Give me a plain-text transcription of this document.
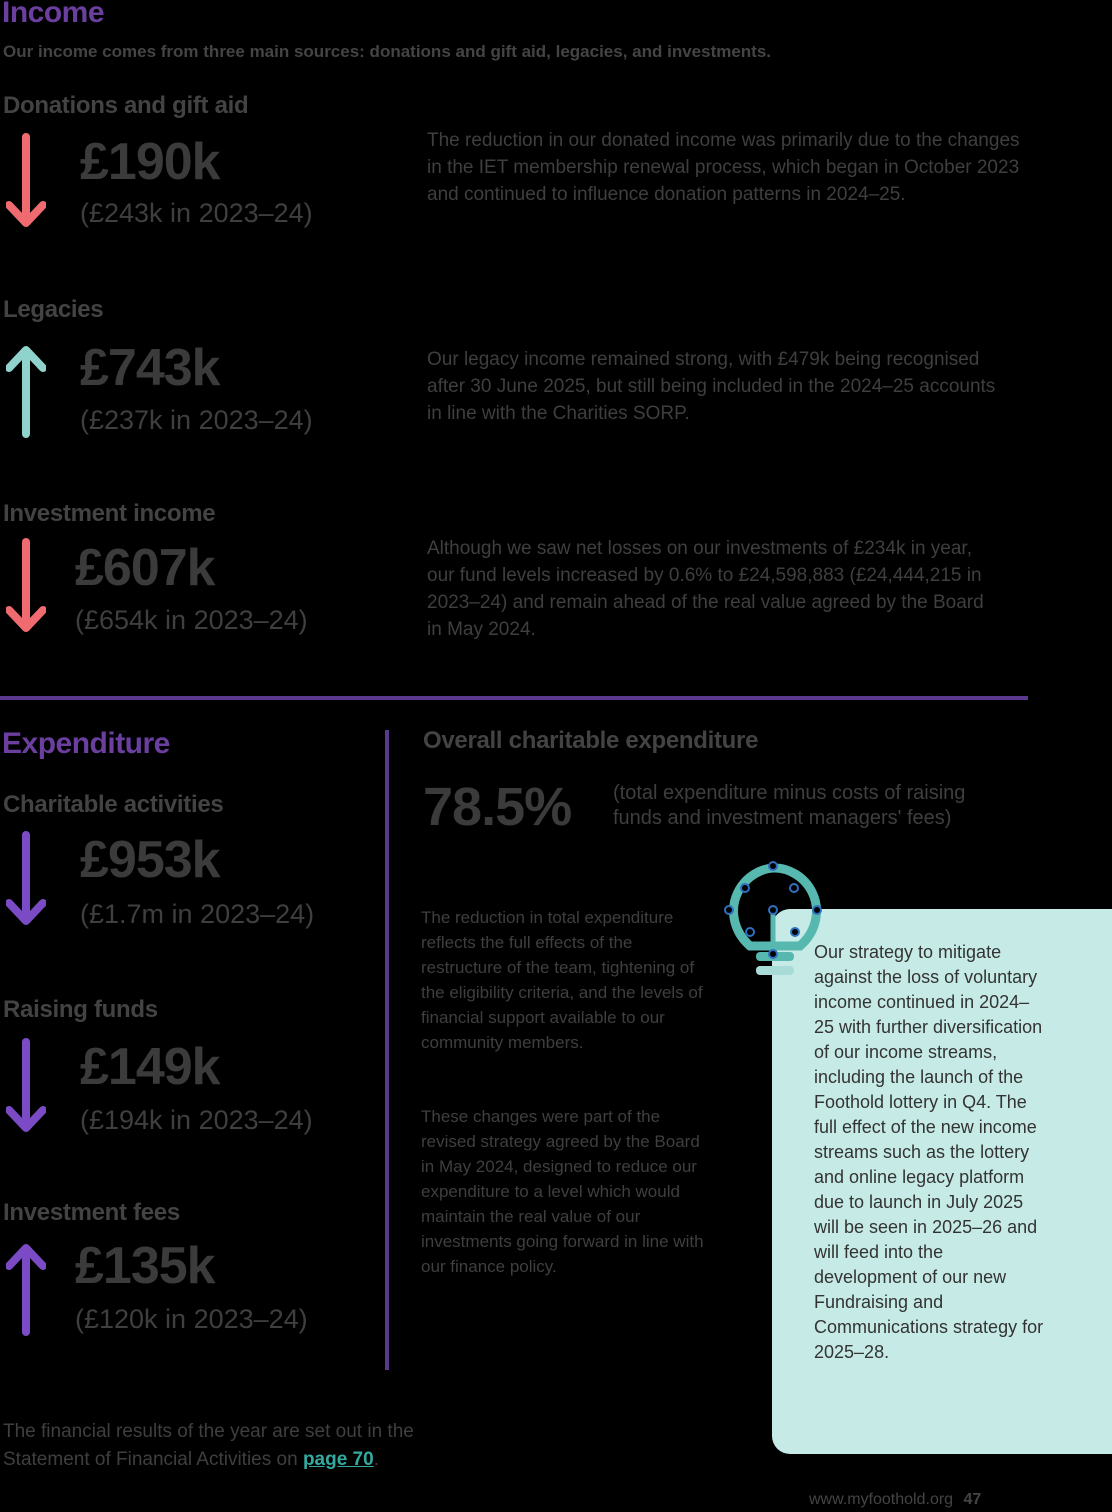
Income
Our income comes from three main sources: donations and gift aid, legacies, and investments.
Donations and gift aid
£190k
(£243k in 2023–24)
The reduction in our donated income was primarily due to the changes in the IET membership renewal process, which began in October 2023 and continued to influence donation patterns in 2024–25.
Legacies
£743k
(£237k in 2023–24)
Our legacy income remained strong, with £479k being recognised after 30 June 2025, but still being included in the 2024–25 accounts in line with the Charities SORP.
Investment income
£607k
(£654k in 2023–24)
Although we saw net losses on our investments of £234k in year, our fund levels increased by 0.6% to £24,598,883 (£24,444,215 in 2023–24) and remain ahead of the real value agreed by the Board in May 2024.
Expenditure
Charitable activities
£953k
(£1.7m in 2023–24)
Raising funds
£149k
(£194k in 2023–24)
Investment fees
£135k
(£120k in 2023–24)
Overall charitable expenditure
78.5% (total expenditure minus costs of raising
funds and investment managers' fees)
The reduction in total expenditure reflects the full effects of the restructure of the team, tightening of the eligibility criteria, and the levels of financial support available to our community members.
These changes were part of the revised strategy agreed by the Board in May 2024, designed to reduce our expenditure to a level which would maintain the real value of our investments going forward in line with our finance policy.
Our strategy to mitigate against the loss of voluntary income continued in 2024–25 with further diversification of our income streams, including the launch of the Foothold lottery in Q4. The full effect of the new income streams such as the lottery and online legacy platform due to launch in July 2025 will be seen in 2025–26 and will feed into the development of our new Fundraising and Communications strategy for 2025–28.
The financial results of the year are set out in the
Statement of Financial Activities on page 70.
www.myfoothold.org 47
